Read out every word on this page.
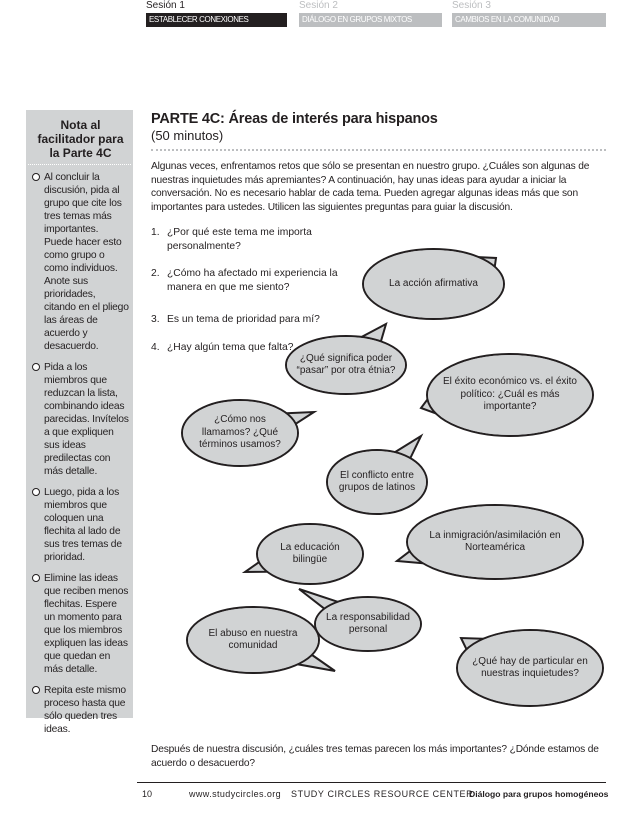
Sesión 1
ESTABLECER CONEXIONES
Sesión 2
DIÁLOGO EN GRUPOS MIXTOS
Sesión 3
CAMBIOS EN LA COMUNIDAD
Nota al facilitador para la Parte 4C
Al concluir la discusión, pida al grupo que cite los tres temas más importantes. Puede hacer esto como grupo o como individuos. Anote sus prioridades, citando en el pliego las áreas de acuerdo y desacuerdo.
Pida a los miembros que reduzcan la lista, combinando ideas parecidas. Invítelos a que expliquen sus ideas predilectas con más detalle.
Luego, pida a los miembros que coloquen una flechita al lado de sus tres temas de prioridad.
Elimine las ideas que reciben menos flechitas. Espere un momento para que los miembros expliquen las ideas que quedan en más detalle.
Repita este mismo proceso hasta que sólo queden tres ideas.
PARTE 4C: Áreas de interés para hispanos
(50 minutos)
Algunas veces, enfrentamos retos que sólo se presentan en nuestro grupo. ¿Cuáles son algunas de nuestras inquietudes más apremiantes? A continuación, hay unas ideas para ayudar a iniciar la conversación. No es necesario hablar de cada tema. Pueden agregar algunas ideas más que son importantes para ustedes. Utilicen las siguientes preguntas para guiar la discusión.
1. ¿Por qué este tema me importa personalmente?
2. ¿Cómo ha afectado mi experiencia la manera en que me siento?
3. Es un tema de prioridad para mí?
4. ¿Hay algún tema que falta?
La acción afirmativa
¿Qué significa poder “pasar” por otra étnia?
El éxito económico vs. el éxito político: ¿Cuál es más importante?
¿Cómo nos llamamos? ¿Qué términos usamos?
El conflicto entre grupos de latinos
La educación bilingüe
La inmigración/asimilación en Norteamérica
La responsabilidad personal
El abuso en nuestra comunidad
¿Qué hay de particular en nuestras inquietudes?
Después de nuestra discusión, ¿cuáles tres temas parecen los más importantes? ¿Dónde estamos de acuerdo o desacuerdo?
10	www.studycircles.org STUDY CIRCLES RESOURCE CENTER
Diálogo para grupos homogéneos
